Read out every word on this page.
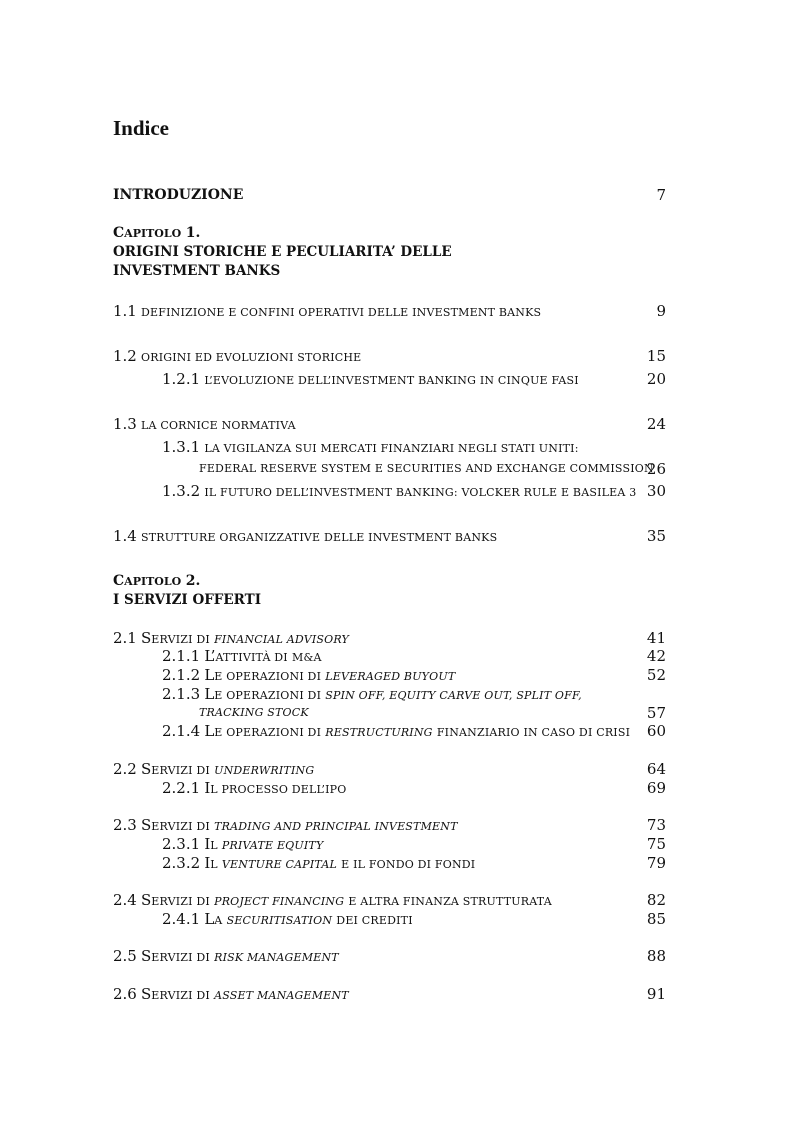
Indice
INTRODUZIONE	7
CAPITOLO 1.
ORIGINI STORICHE E PECULIARITA’ DELLE
INVESTMENT BANKS
1.1 DEFINIZIONE E CONFINI OPERATIVI DELLE INVESTMENT BANKS	9
1.2 ORIGINI ED EVOLUZIONI STORICHE	15
1.2.1 L’EVOLUZIONE DELL’INVESTMENT BANKING IN CINQUE FASI	20
1.3 LA CORNICE NORMATIVA	24
1.3.1 LA VIGILANZA SUI MERCATI FINANZIARI NEGLI STATI UNITI:
FEDERAL RESERVE SYSTEM E SECURITIES AND EXCHANGE COMMISSION
26
1.3.2 IL FUTURO DELL’INVESTMENT BANKING: VOLCKER RULE E BASILEA 3 30
1.4 STRUTTURE ORGANIZZATIVE DELLE INVESTMENT BANKS	35
CAPITOLO 2.
I SERVIZI OFFERTI
2.1 SERVIZI DI FINANCIAL ADVISORY	41
2.1.1 L’ATTIVITÀ DI M&A	42
2.1.2 LE OPERAZIONI DI LEVERAGED BUYOUT	52
2.1.3 LE OPERAZIONI DI SPIN OFF, EQUITY CARVE OUT, SPLIT OFF,
TRACKING STOCK	57
2.1.4 LE OPERAZIONI DI RESTRUCTURING FINANZIARIO IN CASO DI CRISI 60
2.2 SERVIZI DI UNDERWRITING	64
2.2.1 IL PROCESSO DELL’IPO	69
2.3 SERVIZI DI TRADING AND PRINCIPAL INVESTMENT	73
2.3.1 IL PRIVATE EQUITY	75
2.3.2 IL VENTURE CAPITAL E IL FONDO DI FONDI	79
2.4 SERVIZI DI PROJECT FINANCING E ALTRA FINANZA STRUTTURATA	82
2.4.1 LA SECURITISATION DEI CREDITI	85
2.5 SERVIZI DI RISK MANAGEMENT	88
2.6 SERVIZI DI ASSET MANAGEMENT	91
